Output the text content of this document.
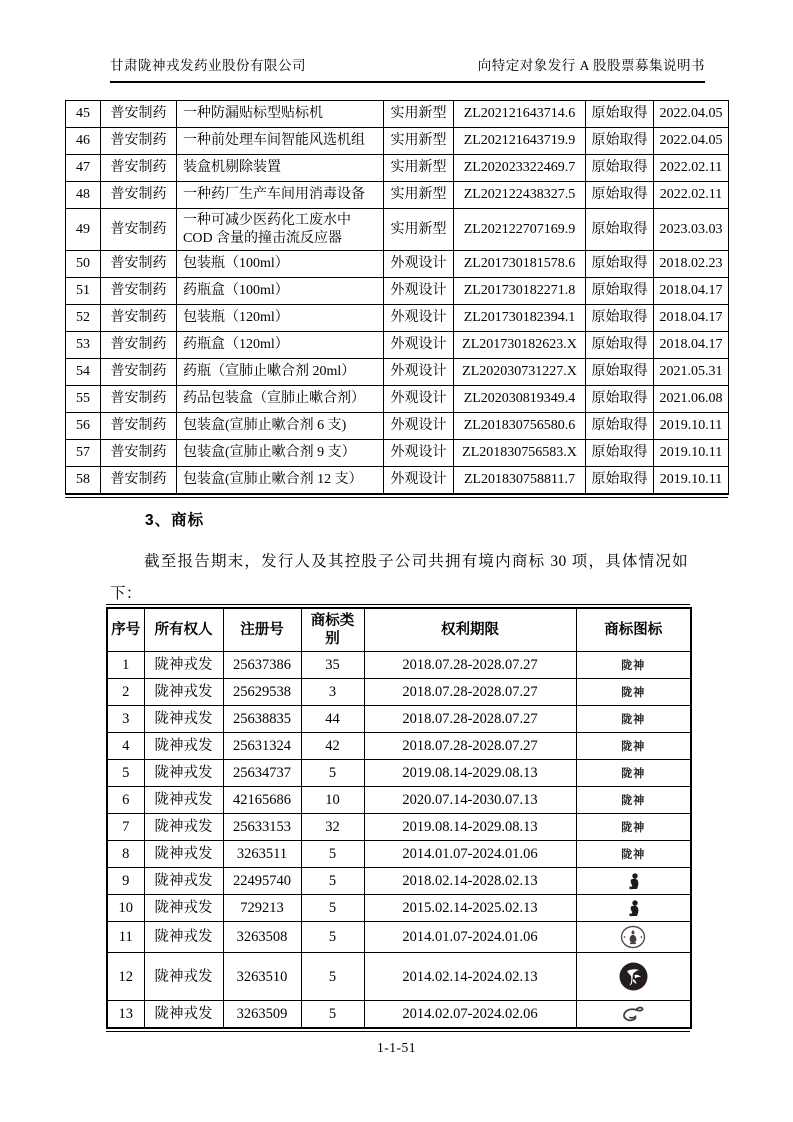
甘肃陇神戎发药业股份有限公司	向特定对象发行 A 股股票募集说明书
45	普安制药	一种防漏贴标型贴标机	实用新型	ZL202121643714.6	原始取得	2022.04.05
46	普安制药	一种前处理车间智能风选机组	实用新型	ZL202121643719.9	原始取得	2022.04.05
47	普安制药	装盒机剔除装置	实用新型	ZL202023322469.7	原始取得	2022.02.11
48	普安制药	一种药厂生产车间用消毒设备	实用新型	ZL202122438327.5	原始取得	2022.02.11
49	普安制药	一种可减少医药化工废水中 COD 含量的撞击流反应器	实用新型	ZL202122707169.9	原始取得	2023.03.03
50	普安制药	包装瓶（100ml）	外观设计	ZL201730181578.6	原始取得	2018.02.23
51	普安制药	药瓶盒（100ml）	外观设计	ZL201730182271.8	原始取得	2018.04.17
52	普安制药	包装瓶（120ml）	外观设计	ZL201730182394.1	原始取得	2018.04.17
53	普安制药	药瓶盒（120ml）	外观设计	ZL201730182623.X	原始取得	2018.04.17
54	普安制药	药瓶（宣肺止嗽合剂 20ml）	外观设计	ZL202030731227.X	原始取得	2021.05.31
55	普安制药	药品包装盒（宣肺止嗽合剂）	外观设计	ZL202030819349.4	原始取得	2021.06.08
56	普安制药	包装盒(宣肺止嗽合剂 6 支)	外观设计	ZL201830756580.6	原始取得	2019.10.11
57	普安制药	包装盒(宣肺止嗽合剂 9 支）	外观设计	ZL201830756583.X	原始取得	2019.10.11
58	普安制药	包装盒(宣肺止嗽合剂 12 支）	外观设计	ZL201830758811.7	原始取得	2019.10.11
3、商标

截至报告期末，发行人及其控股子公司共拥有境内商标 30 项，具体情况如下：

序号	所有权人	注册号	商标类别	权利期限	商标图标
1	陇神戎发	25637386	35	2018.07.28-2028.07.27	陇神
2	陇神戎发	25629538	3	2018.07.28-2028.07.27	陇神
3	陇神戎发	25638835	44	2018.07.28-2028.07.27	陇神
4	陇神戎发	25631324	42	2018.07.28-2028.07.27	陇神
5	陇神戎发	25634737	5	2019.08.14-2029.08.13	陇神
6	陇神戎发	42165686	10	2020.07.14-2030.07.13	陇神
7	陇神戎发	25633153	32	2019.08.14-2029.08.13	陇神
8	陇神戎发	3263511	5	2014.01.07-2024.01.06	陇神
9	陇神戎发	22495740	5	2018.02.14-2028.02.13	
10	陇神戎发	729213	5	2015.02.14-2025.02.13	
11	陇神戎发	3263508	5	2014.01.07-2024.01.06	
12	陇神戎发	3263510	5	2014.02.14-2024.02.13	
13	陇神戎发	3263509	5	2014.02.07-2024.02.06	
1-1-51
